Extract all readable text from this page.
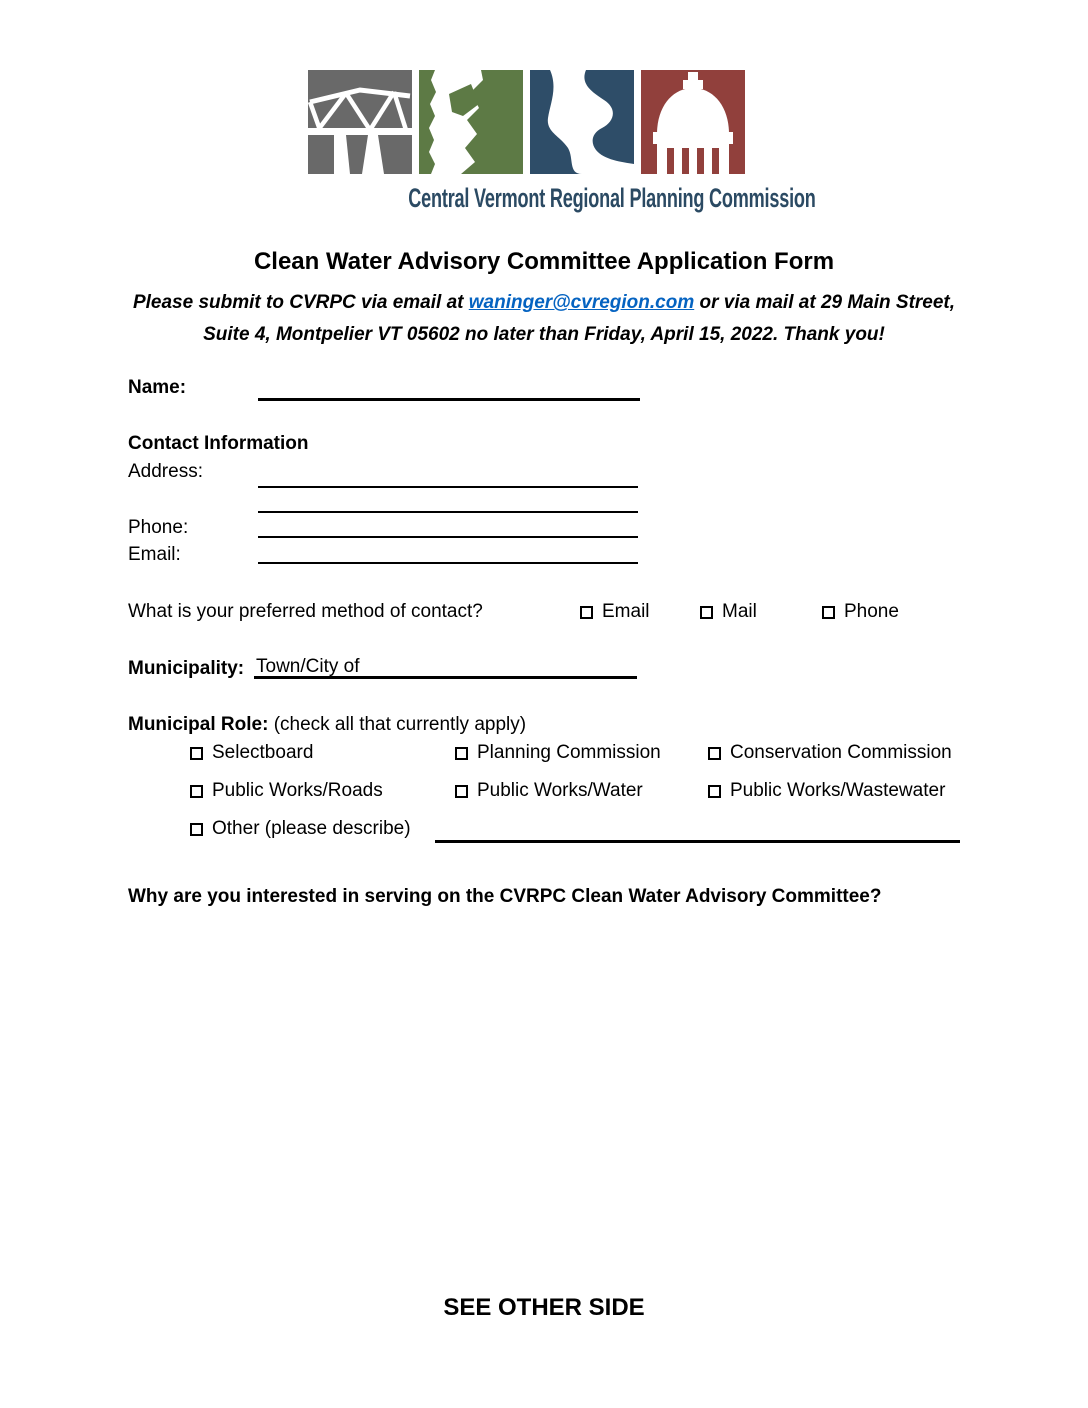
Central Vermont Regional Planning Commission
Clean Water Advisory Committee Application Form
Please submit to CVRPC via email at waninger@cvregion.com or via mail at 29 Main Street,
Suite 4, Montpelier VT 05602 no later than Friday, April 15, 2022. Thank you!
Name:
Contact Information
Address:
Phone:
Email:
What is your preferred method of contact?	Email	Mail	Phone
Municipality: Town/City of
Municipal Role: (check all that currently apply)
Selectboard	Planning Commission	Conservation Commission
Public Works/Roads	Public Works/Water	Public Works/Wastewater
Other (please describe)
Why are you interested in serving on the CVRPC Clean Water Advisory Committee?
SEE OTHER SIDE
